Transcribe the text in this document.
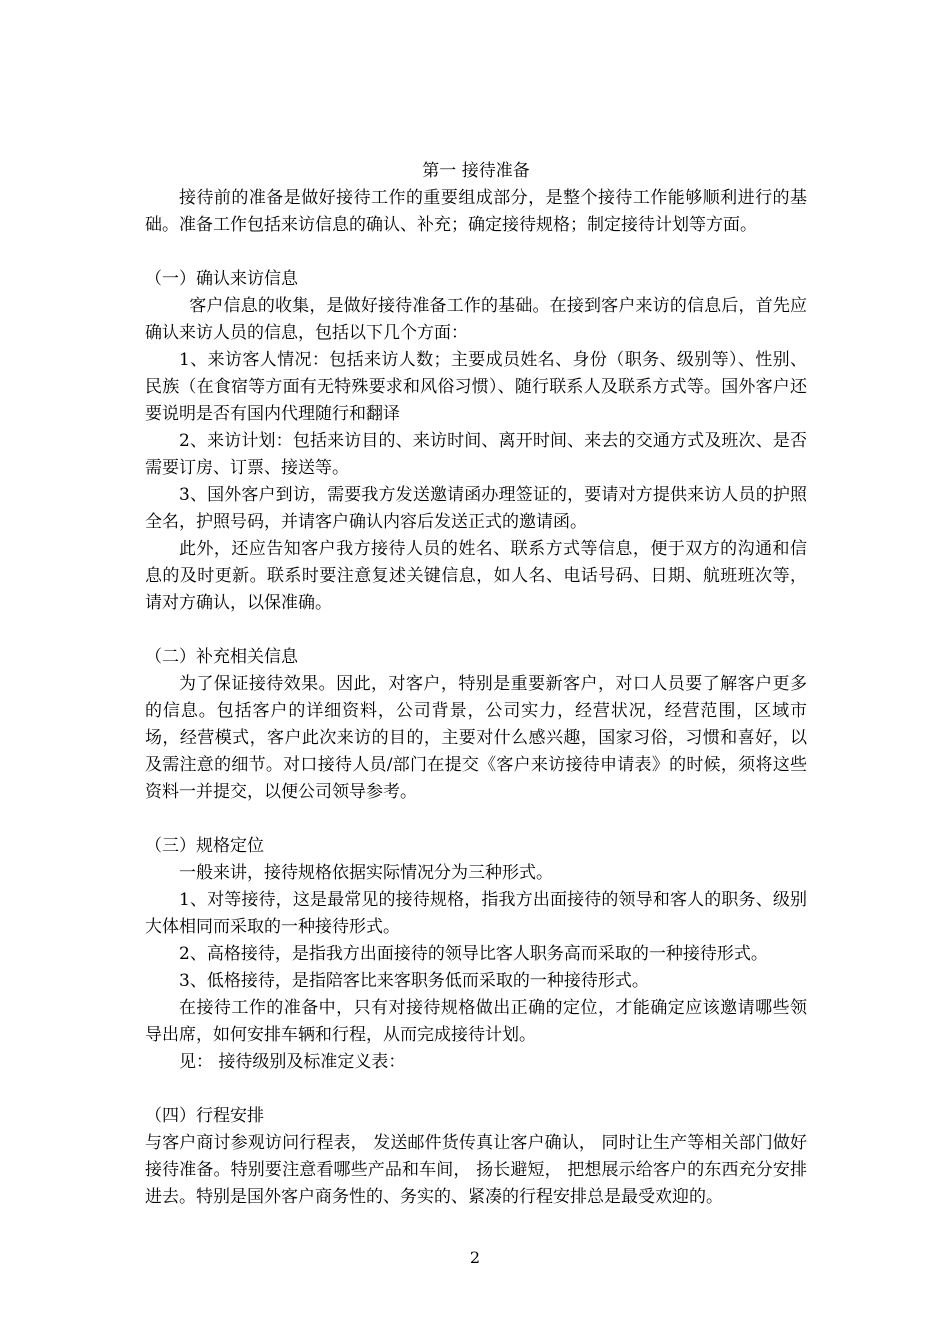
第一 接待准备

接待前的准备是做好接待工作的重要组成部分，是整个接待工作能够顺利进行的基础。准备工作包括来访信息的确认、补充；确定接待规格；制定接待计划等方面。

（一）确认来访信息

客户信息的收集，是做好接待准备工作的基础。在接到客户来访的信息后，首先应确认来访人员的信息，包括以下几个方面：

1、来访客人情况：包括来访人数；主要成员姓名、身份（职务、级别等）、性别、民族（在食宿等方面有无特殊要求和风俗习惯）、随行联系人及联系方式等。国外客户还要说明是否有国内代理随行和翻译

2、来访计划：包括来访目的、来访时间、离开时间、来去的交通方式及班次、是否需要订房、订票、接送等。

3、国外客户到访，需要我方发送邀请函办理签证的，要请对方提供来访人员的护照全名，护照号码，并请客户确认内容后发送正式的邀请函。

此外，还应告知客户我方接待人员的姓名、联系方式等信息，便于双方的沟通和信息的及时更新。联系时要注意复述关键信息，如人名、电话号码、日期、航班班次等，请对方确认，以保准确。

（二）补充相关信息

为了保证接待效果。因此，对客户，特别是重要新客户，对口人员要了解客户更多的信息。包括客户的详细资料，公司背景，公司实力，经营状况，经营范围，区域市场，经营模式，客户此次来访的目的，主要对什么感兴趣，国家习俗，习惯和喜好，以及需注意的细节。对口接待人员/部门在提交《客户来访接待申请表》的时候，须将这些资料一并提交，以便公司领导参考。

（三）规格定位

一般来讲，接待规格依据实际情况分为三种形式。

1、对等接待，这是最常见的接待规格，指我方出面接待的领导和客人的职务、级别大体相同而采取的一种接待形式。

2、高格接待，是指我方出面接待的领导比客人职务高而采取的一种接待形式。

3、低格接待，是指陪客比来客职务低而采取的一种接待形式。

在接待工作的准备中，只有对接待规格做出正确的定位，才能确定应该邀请哪些领导出席，如何安排车辆和行程，从而完成接待计划。

见： 接待级别及标准定义表：

（四）行程安排

与客户商讨参观访问行程表， 发送邮件货传真让客户确认， 同时让生产等相关部门做好接待准备。特别要注意看哪些产品和车间， 扬长避短， 把想展示给客户的东西充分安排进去。特别是国外客户商务性的、务实的、紧凑的行程安排总是最受欢迎的。

2
